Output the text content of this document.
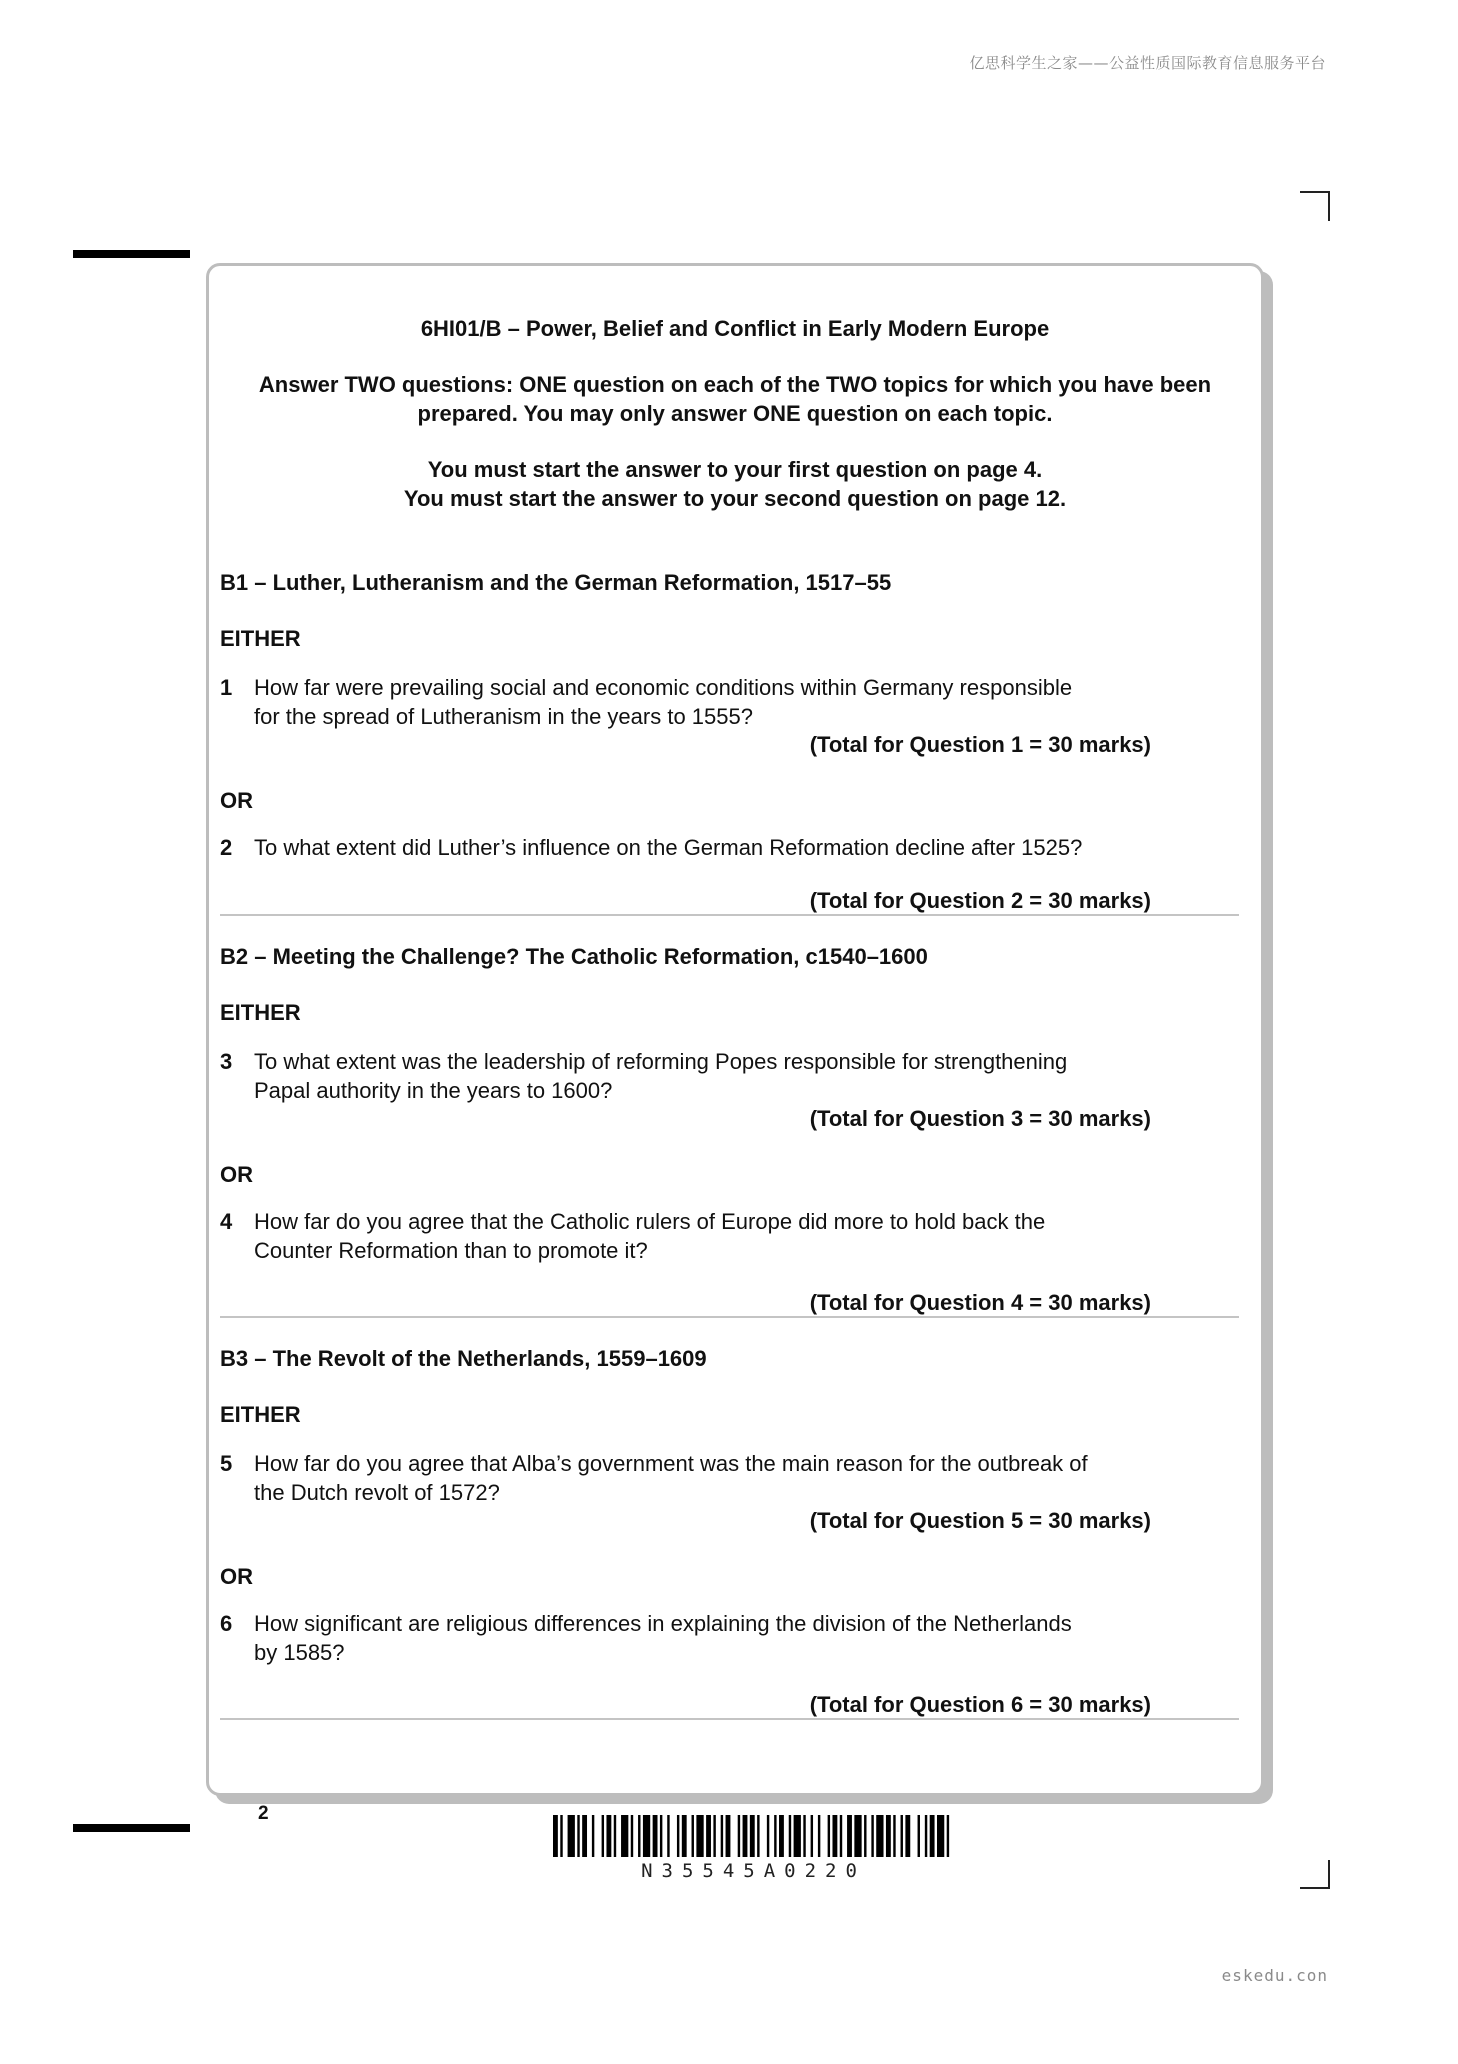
亿思科学生之家——公益性质国际教育信息服务平台
eskedu.con
6HI01/B – Power, Belief and Conflict in Early Modern Europe
Answer TWO questions: ONE question on each of the TWO topics for which you have been
prepared. You may only answer ONE question on each topic.
You must start the answer to your first question on page 4.
You must start the answer to your second question on page 12.
B1 – Luther, Lutheranism and the German Reformation, 1517–55
EITHER
1 How far were prevailing social and economic conditions within Germany responsible
for the spread of Lutheranism in the years to 1555?
(Total for Question 1 = 30 marks)
OR
2 To what extent did Luther’s influence on the German Reformation decline after 1525?
(Total for Question 2 = 30 marks)
B2 – Meeting the Challenge? The Catholic Reformation, c1540–1600
EITHER
3 To what extent was the leadership of reforming Popes responsible for strengthening
Papal authority in the years to 1600?
(Total for Question 3 = 30 marks)
OR
4 How far do you agree that the Catholic rulers of Europe did more to hold back the
Counter Reformation than to promote it?
(Total for Question 4 = 30 marks)
B3 – The Revolt of the Netherlands, 1559–1609
EITHER
5 How far do you agree that Alba’s government was the main reason for the outbreak of
the Dutch revolt of 1572?
(Total for Question 5 = 30 marks)
OR
6 How significant are religious differences in explaining the division of the Netherlands
by 1585?
(Total for Question 6 = 30 marks)
2
N35545A0220
